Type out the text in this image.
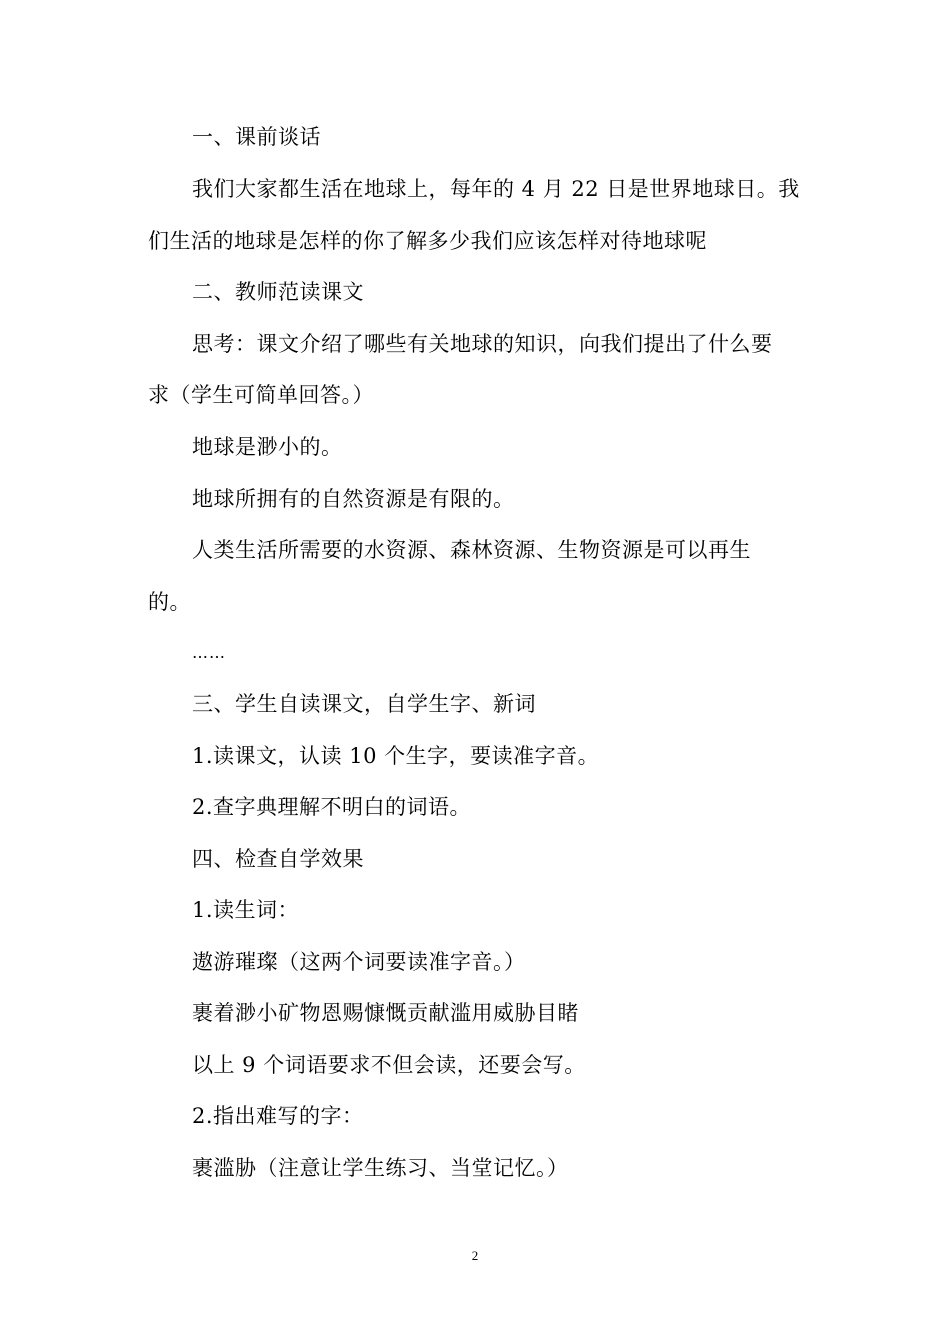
一、课前谈话
我们大家都生活在地球上，每年的 4 月 22 日是世界地球日。我
们生活的地球是怎样的你了解多少我们应该怎样对待地球呢
二、教师范读课文
思考：课文介绍了哪些有关地球的知识，向我们提出了什么要
求（学生可简单回答。）
地球是渺小的。
地球所拥有的自然资源是有限的。
人类生活所需要的水资源、森林资源、生物资源是可以再生
的。
……
三、学生自读课文，自学生字、新词
1.读课文，认读 10 个生字，要读准字音。
2.查字典理解不明白的词语。
四、检查自学效果
1.读生词：
遨游璀璨（这两个词要读准字音。）
裹着渺小矿物恩赐慷慨贡献滥用威胁目睹
以上 9 个词语要求不但会读，还要会写。
2.指出难写的字：
裹滥胁（注意让学生练习、当堂记忆。）
2
